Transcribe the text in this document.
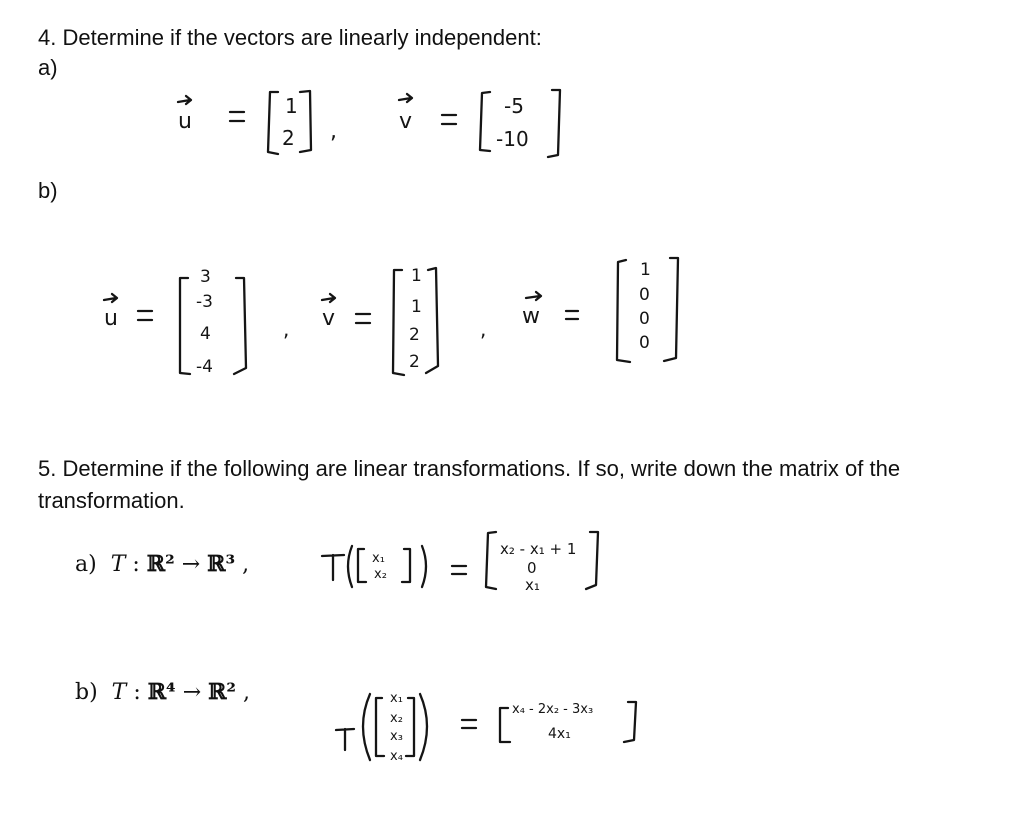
4. Determine if the vectors are linearly independent:
a)
b)
5. Determine if the following are linear transformations. If so, write down the matrix of the
transformation.
a) T : ℝ² → ℝ³ ,
b) T : ℝ⁴ → ℝ² ,
u
1
2 ,	v
-5
-10
u
3
-3
4
-4
, v
1
1
2
2
, w
1
0
0
0
x₁
x₂
x₂ - x₁ + 1
0
x₁
x₁
x₂
x₃
x₄
x₄ - 2x₂ - 3x₃
4x₁
